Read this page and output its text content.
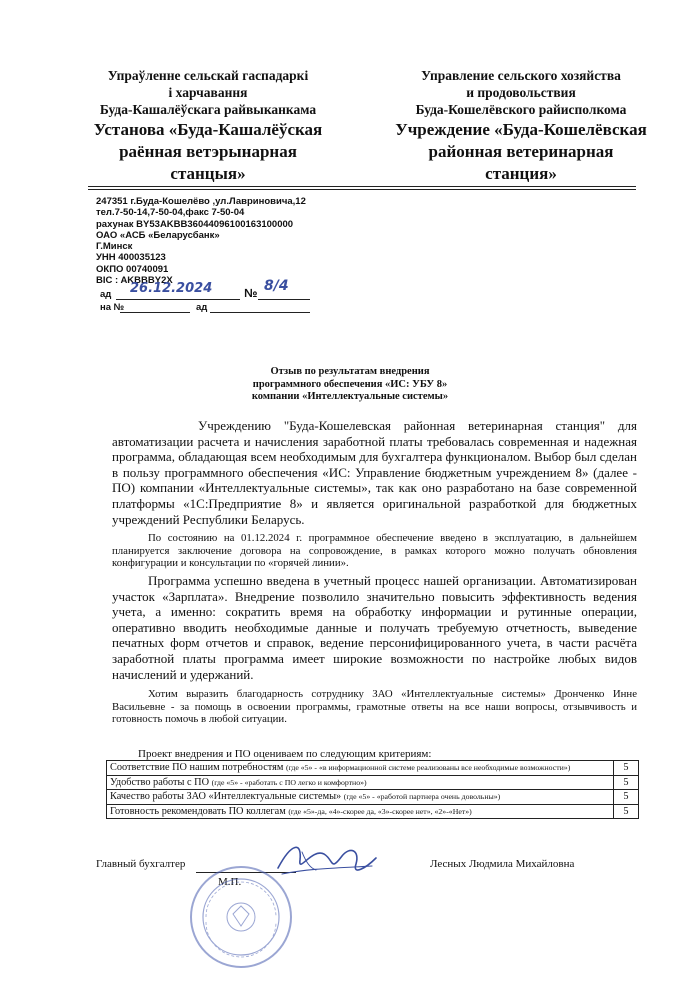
Упраўленне сельскай гаспадаркі
і харчавання
Буда-Кашалёўскага райвыканкама
Установа «Буда-Кашалёўская
раённая ветэрынарная
станцыя»
Управление сельского хозяйства
и продовольствия
Буда-Кошелёвского райисполкома
Учреждение «Буда-Кошелёвская
районная ветеринарная
станция»
247351 г.Буда-Кошелёво ,ул.Лавриновича,12
тел.7-50-14,7-50-04,факс 7-50-04
рахунак BY53AKBB36044096100163100000
ОАО «АСБ «Беларусбанк»
Г.Минск
УНН 400035123
ОКПО 00740091
BIC : AKBBBY2X
ад 26.12.2024	№ 8/4
на №	ад
Отзыв по результатам внедрения
программного обеспечения «ИС: УБУ 8»
компании «Интеллектуальные системы»
Учреждению "Буда-Кошелевская районная ветеринарная станция" для автоматизации расчета и начисления заработной платы требовалась современная и надежная программа, обладающая всем необходимым для бухгалтера функционалом. Выбор был сделан в пользу программного обеспечения «ИС: Управление бюджетным учреждением 8» (далее - ПО) компании «Интеллектуальные системы», так как оно разработано на базе современной платформы «1С:Предприятие 8» и является оригинальной разработкой для бюджетных учреждений Республики Беларусь.
По состоянию на 01.12.2024 г. программное обеспечение введено в эксплуатацию, в дальнейшем планируется заключение договора на сопровождение, в рамках которого можно получать обновления конфигурации и консультации по «горячей линии».
Программа успешно введена в учетный процесс нашей организации. Автоматизирован участок «Зарплата». Внедрение позволило значительно повысить эффективность ведения учета, а именно: сократить время на обработку информации и рутинные операции, оперативно вводить необходимые данные и получать требуемую отчетность, выведение печатных форм отчетов и справок, ведение персонифицированного учета, в части расчёта заработной платы программа имеет широкие возможности по настройке любых видов начислений и удержаний.
Хотим выразить благодарность сотруднику ЗАО «Интеллектуальные системы» Дронченко Инне Васильевне - за помощь в освоении программы, грамотные ответы на все наши вопросы, отзывчивость и готовность помочь в любой ситуации.
Проект внедрения и ПО оцениваем по следующим критериям:
Соответствие ПО нашим потребностям (где «5» - «в информационной системе реализованы все необходимые возможности»)	5
Удобство работы с ПО (где «5» - «работать с ПО легко и комфортно»)	5
Качество работы ЗАО «Интеллектуальные системы» (где «5» - «работой партнера очень довольны»)	5
Готовность рекомендовать ПО коллегам (где «5»-да, «4»-скорее да, «3»-скорее нет», «2»-«Нет»)	5
Главный бухгалтер
М.П.
Лесных Людмила Михайловна
